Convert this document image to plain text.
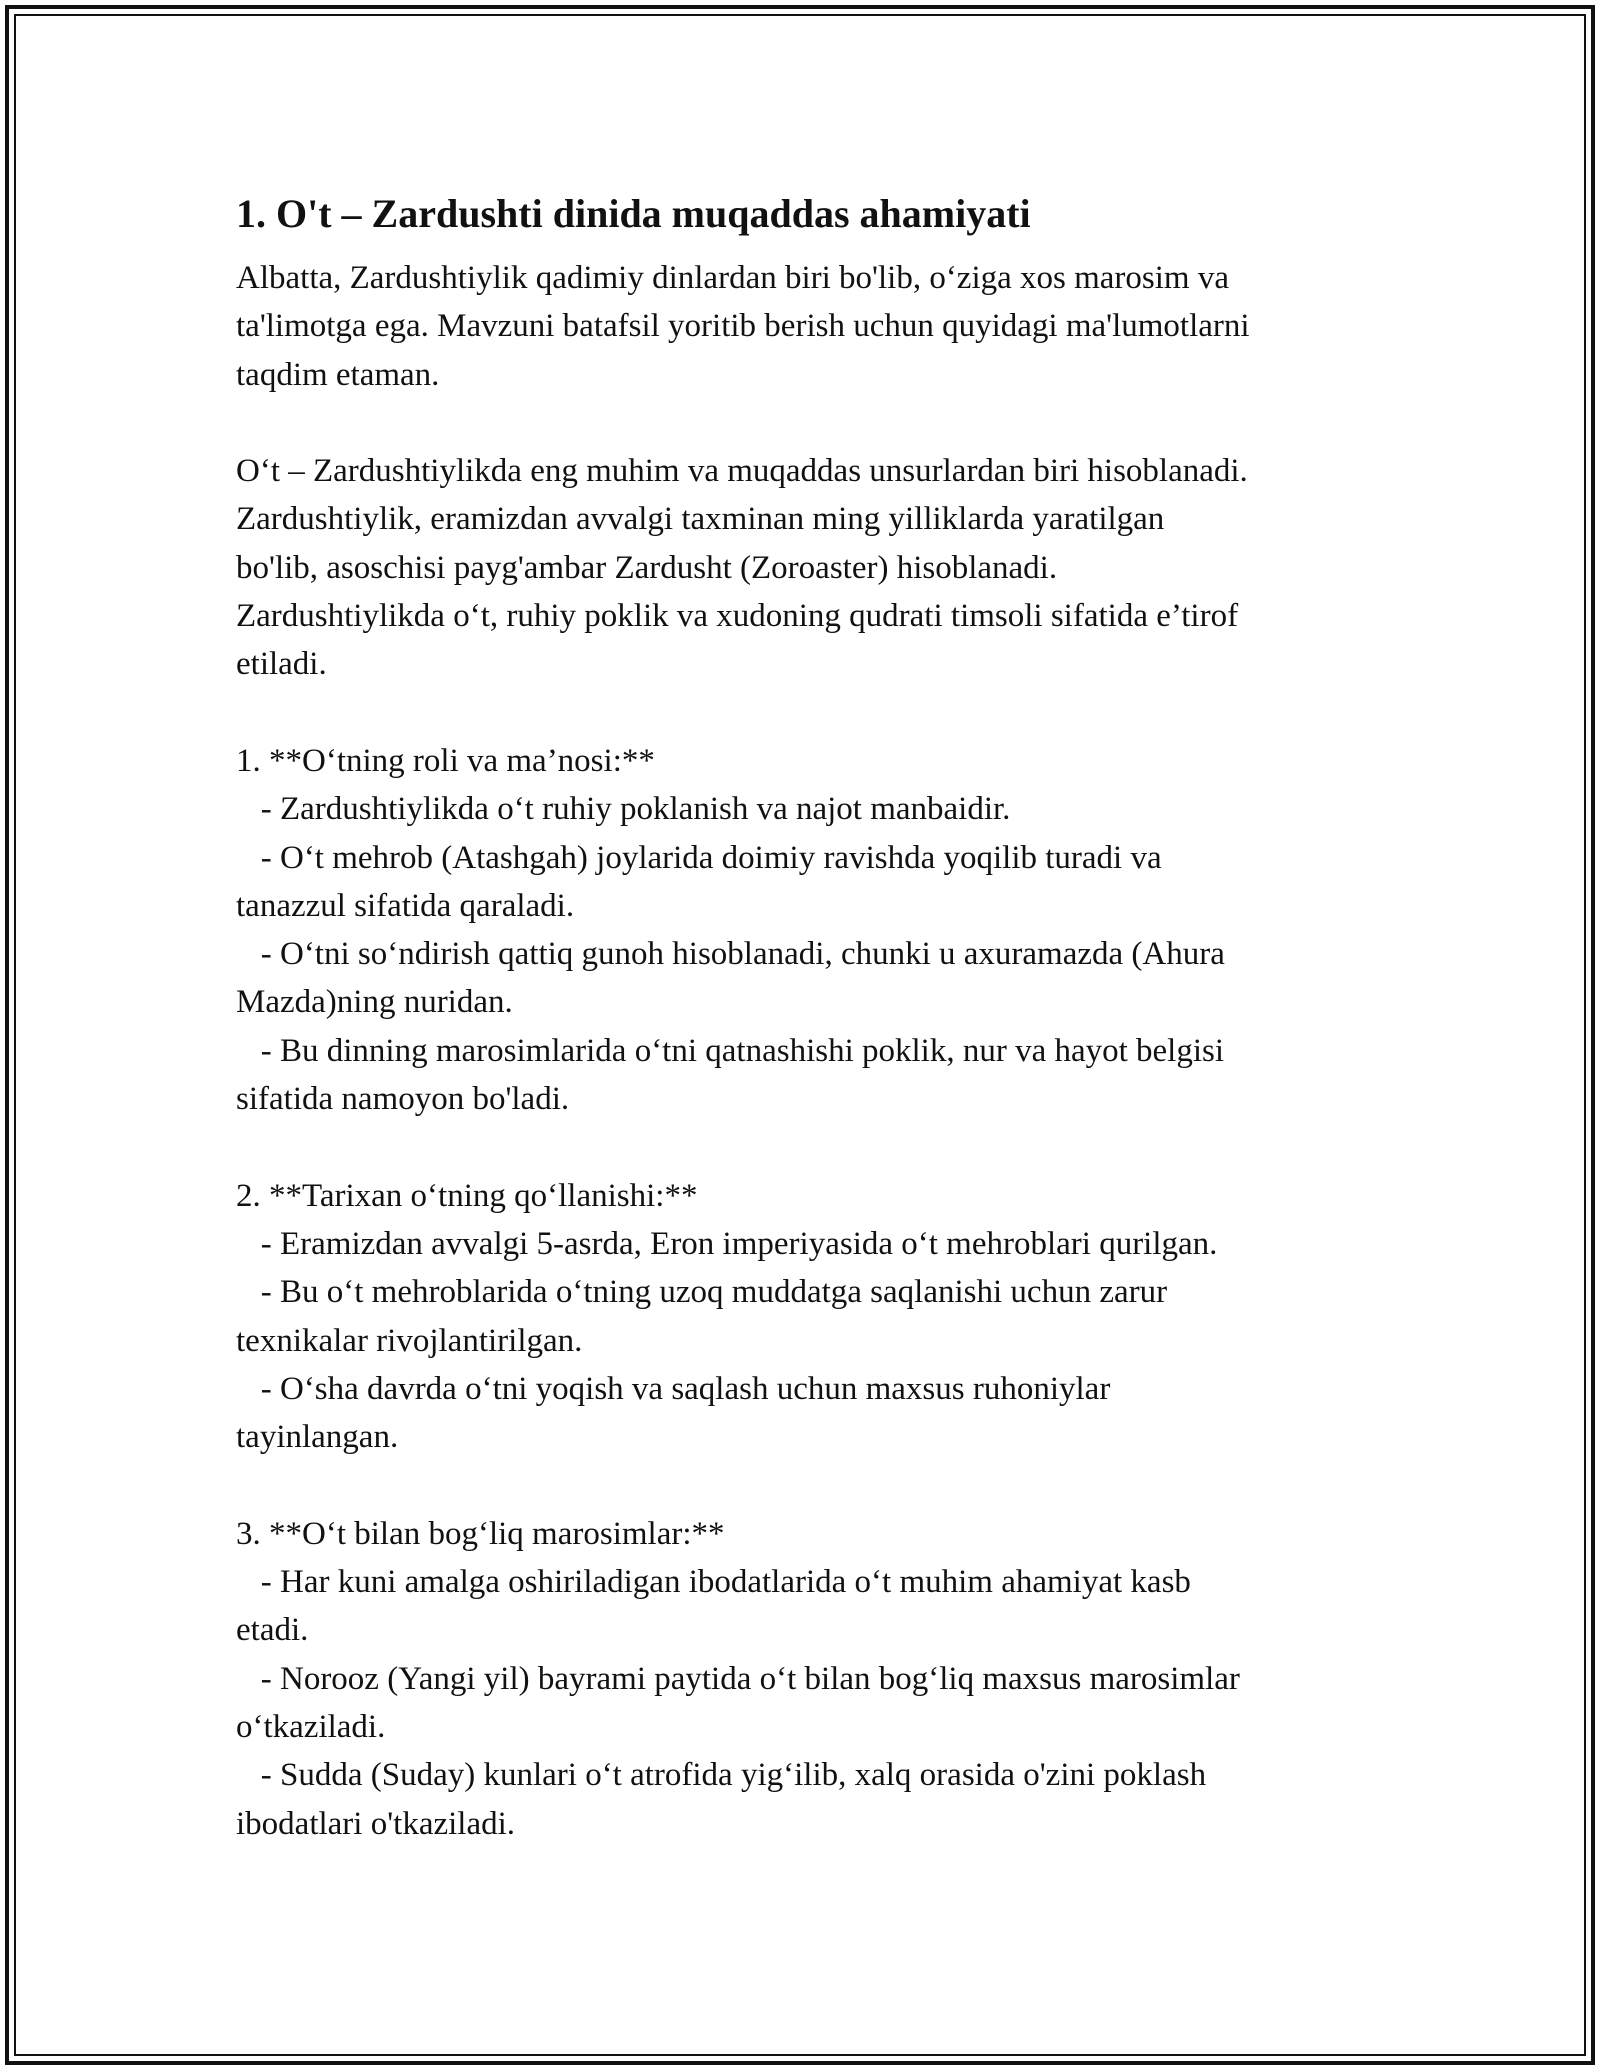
1. O't – Zardushti dinida muqaddas ahamiyati
Albatta, Zardushtiylik qadimiy dinlardan biri bo'lib, o‘ziga xos marosim va
ta'limotga ega. Mavzuni batafsil yoritib berish uchun quyidagi ma'lumotlarni
taqdim etaman.
O‘t – Zardushtiylikda eng muhim va muqaddas unsurlardan biri hisoblanadi.
Zardushtiylik, eramizdan avvalgi taxminan ming yilliklarda yaratilgan
bo'lib, asoschisi payg'ambar Zardusht (Zoroaster) hisoblanadi.
Zardushtiylikda o‘t, ruhiy poklik va xudoning qudrati timsoli sifatida e’tirof
etiladi.
1. **O‘tning roli va ma’nosi:**
- Zardushtiylikda o‘t ruhiy poklanish va najot manbaidir.
- O‘t mehrob (Atashgah) joylarida doimiy ravishda yoqilib turadi va
tanazzul sifatida qaraladi.
- O‘tni so‘ndirish qattiq gunoh hisoblanadi, chunki u axuramazda (Ahura
Mazda)ning nuridan.
- Bu dinning marosimlarida o‘tni qatnashishi poklik, nur va hayot belgisi
sifatida namoyon bo'ladi.
2. **Tarixan o‘tning qo‘llanishi:**
- Eramizdan avvalgi 5-asrda, Eron imperiyasida o‘t mehroblari qurilgan.
- Bu o‘t mehroblarida o‘tning uzoq muddatga saqlanishi uchun zarur
texnikalar rivojlantirilgan.
- O‘sha davrda o‘tni yoqish va saqlash uchun maxsus ruhoniylar
tayinlangan.
3. **O‘t bilan bog‘liq marosimlar:**
- Har kuni amalga oshiriladigan ibodatlarida o‘t muhim ahamiyat kasb
etadi.
- Norooz (Yangi yil) bayrami paytida o‘t bilan bog‘liq maxsus marosimlar
o‘tkaziladi.
- Sudda (Suday) kunlari o‘t atrofida yig‘ilib, xalq orasida o'zini poklash
ibodatlari o'tkaziladi.
